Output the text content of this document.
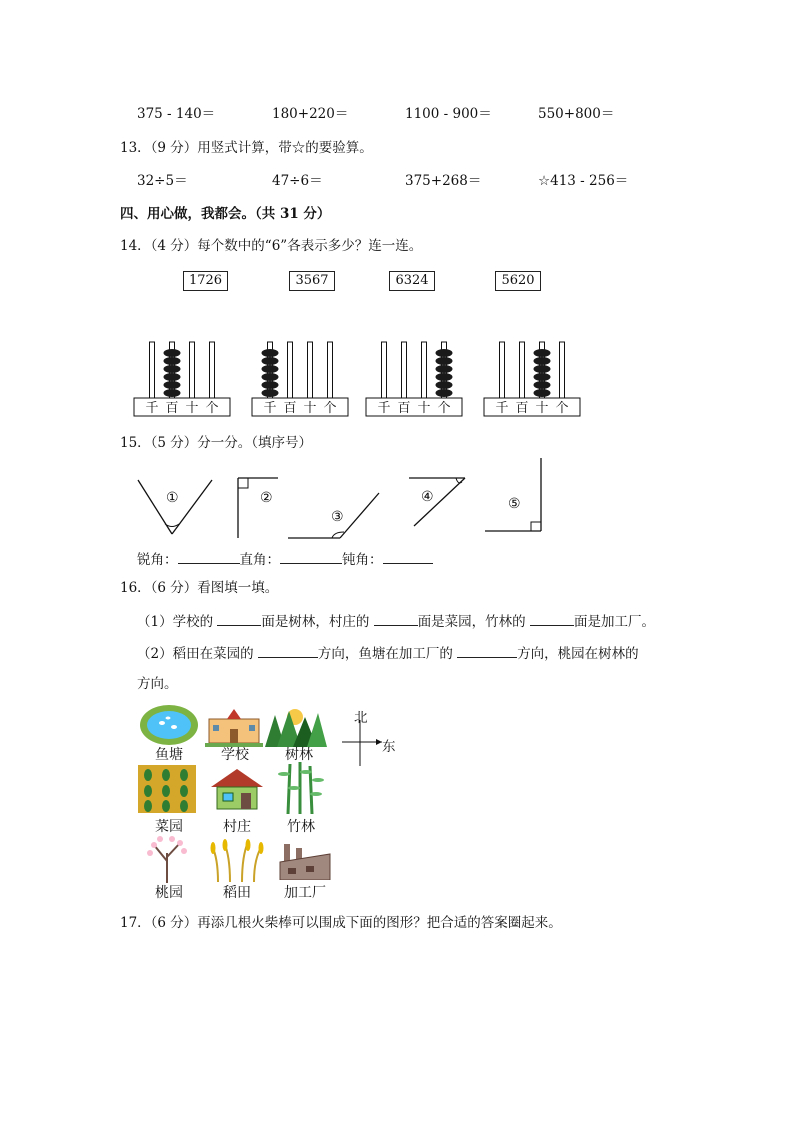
375 - 140＝	180+220＝	1100 - 900＝	550+800＝
13．（9 分）用竖式计算，带☆的要验算。
32÷5＝	47÷6＝	375+268＝	☆413 - 256＝
四、用心做，我都会。（共 31 分）
14．（4 分）每个数中的“6”各表示多少？连一连。
1726	3567	6324	5620
千 百 十 个	千 百 十 个	千 百 十 个	千 百 十 个
15．（5 分）分一分。（填序号）
①	②
③
④	⑤
锐角：	直角：	钝角：
16．（6 分）看图填一填。
（1）学校的	面是树林，村庄的	面是菜园，竹林的	面是加工厂。
（2）稻田在菜园的	方向，鱼塘在加工厂的	方向，桃园在树林的
方向。
鱼塘	学校	树林
北
东
菜园	村庄	竹林
桃园	稻田	加工厂
17．（6 分）再添几根火柴棒可以围成下面的图形？把合适的答案圈起来。
